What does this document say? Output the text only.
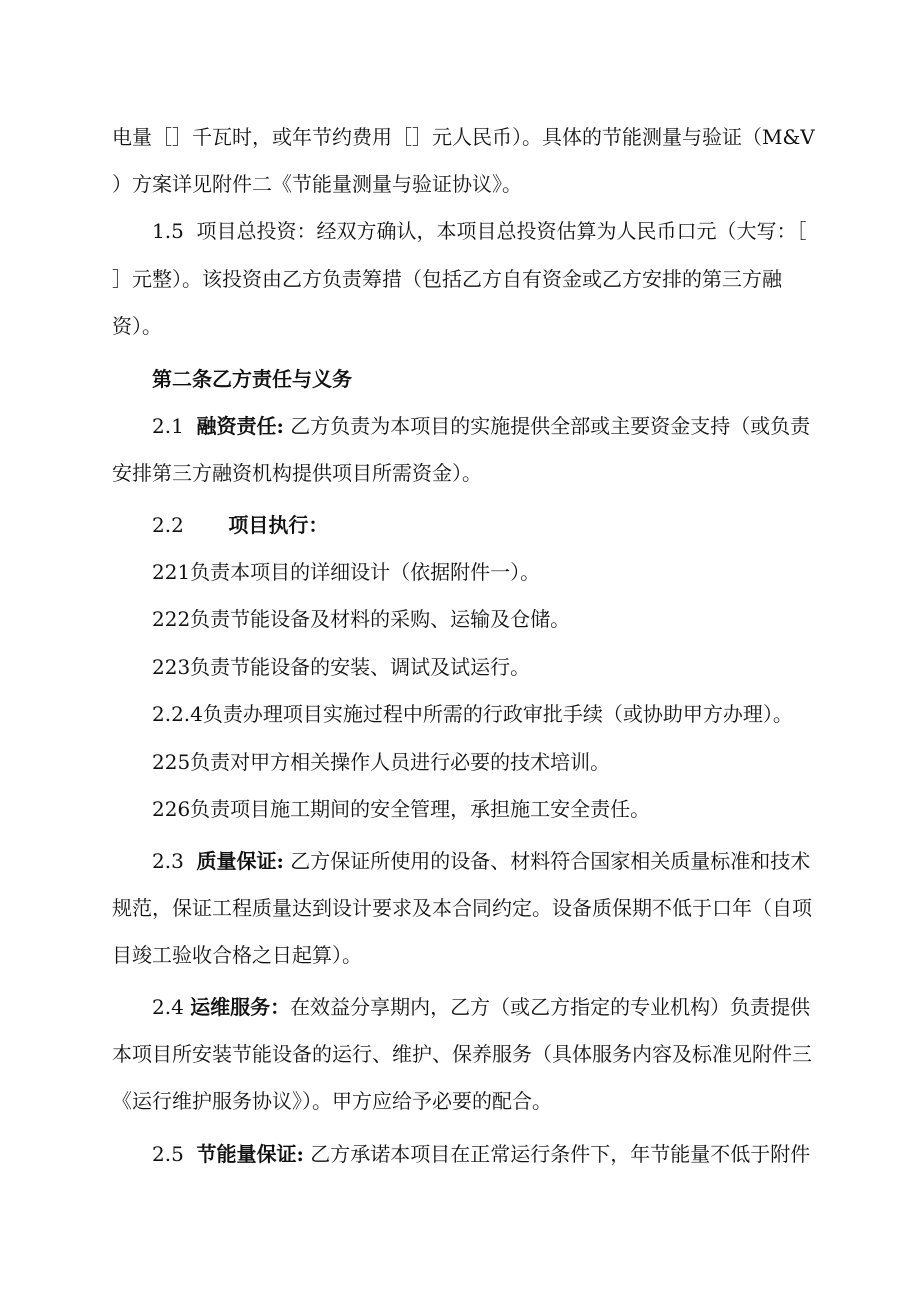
电量［］千瓦时，或年节约费用［］元人民币）。具体的节能测量与验证（M&V
）方案详见附件二《节能量测量与验证协议》。
1.5 项目总投资：经双方确认，本项目总投资估算为人民币口元（大写：［
］元整）。该投资由乙方负责筹措（包括乙方自有资金或乙方安排的第三方融
资）。
第二条乙方责任与义务
2.1 融资责任: 乙方负责为本项目的实施提供全部或主要资金支持（或负责
安排第三方融资机构提供项目所需资金）。
2.2 项目执行：
221负责本项目的详细设计（依据附件一）。
222负责节能设备及材料的采购、运输及仓储。
223负责节能设备的安装、调试及试运行。
2.2.4负责办理项目实施过程中所需的行政审批手续（或协助甲方办理）。
225负责对甲方相关操作人员进行必要的技术培训。
226负责项目施工期间的安全管理，承担施工安全责任。
2.3 质量保证: 乙方保证所使用的设备、材料符合国家相关质量标准和技术
规范，保证工程质量达到设计要求及本合同约定。设备质保期不低于口年（自项
目竣工验收合格之日起算）。
2.4 运维服务：在效益分享期内，乙方（或乙方指定的专业机构）负责提供
本项目所安装节能设备的运行、维护、保养服务（具体服务内容及标准见附件三
《运行维护服务协议》）。甲方应给予必要的配合。
2.5 节能量保证: 乙方承诺本项目在正常运行条件下，年节能量不低于附件
